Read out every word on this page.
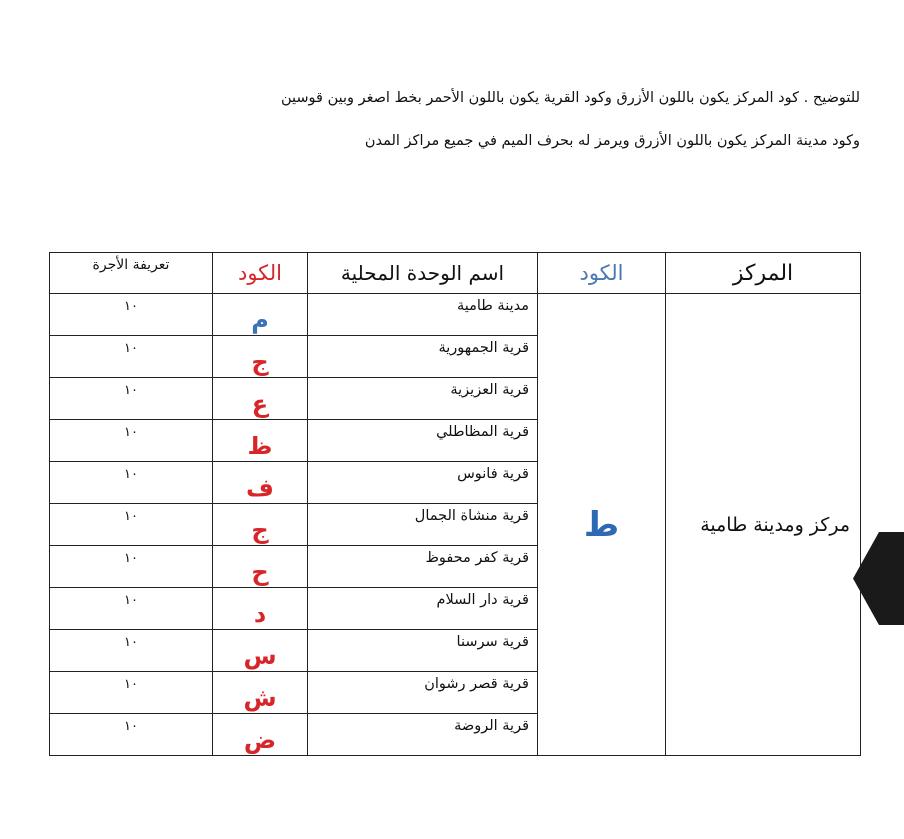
للتوضيح . كود المركز يكون باللون الأزرق وكود القرية يكون باللون الأحمر بخط اصغر وبين قوسين

وكود مدينة المركز يكون باللون الأزرق ويرمز له بحرف الميم في جميع مراكز المدن

المركز	الكود	اسم الوحدة المحلية	الكود	تعريفة الأجرة
مركز ومدينة طامية	ط	مدينة طامية	م	١٠
		قرية الجمهورية	ج	١٠
		قرية العزيزية	ع	١٠
		قرية المظاطلي	ظ	١٠
		قرية فانوس	ف	١٠
		قرية منشاة الجمال	ج	١٠
		قرية كفر محفوظ	ح	١٠
		قرية دار السلام	د	١٠
		قرية سرسنا	س	١٠
		قرية قصر رشوان	ش	١٠
		قرية الروضة	ض	١٠
